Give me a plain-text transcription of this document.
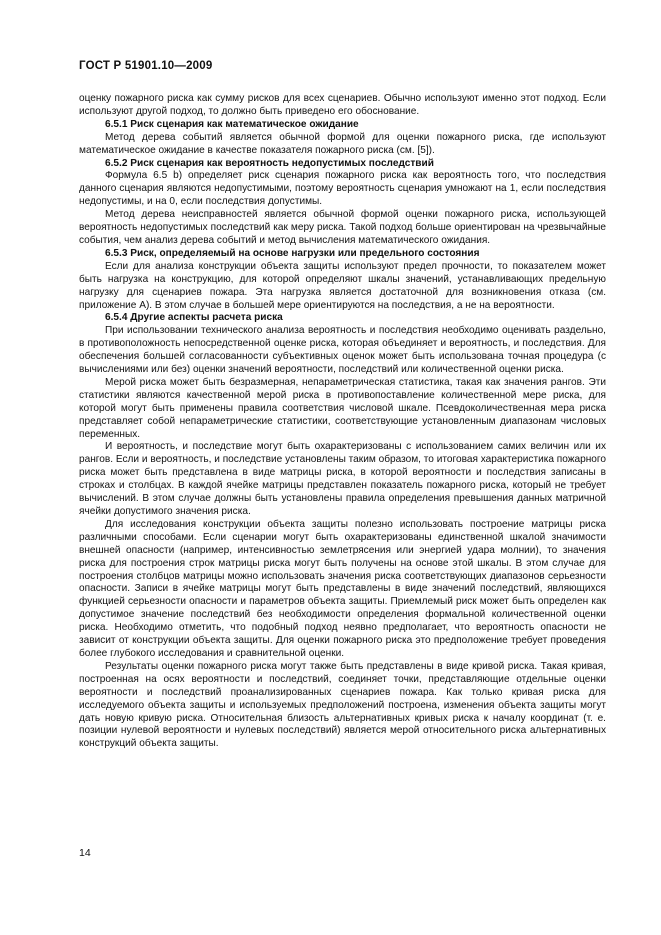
ГОСТ Р 51901.10—2009

оценку пожарного риска как сумму рисков для всех сценариев. Обычно используют именно этот подход. Если используют другой подход, то должно быть приведено его обоснование.

6.5.1 Риск сценария как математическое ожидание

Метод дерева событий является обычной формой для оценки пожарного риска, где используют математическое ожидание в качестве показателя пожарного риска (см. [5]).

6.5.2 Риск сценария как вероятность недопустимых последствий

Формула 6.5 b) определяет риск сценария пожарного риска как вероятность того, что последствия данного сценария являются недопустимыми, поэтому вероятность сценария умножают на 1, если последствия недопустимы, и на 0, если последствия допустимы.

Метод дерева неисправностей является обычной формой оценки пожарного риска, использующей вероятность недопустимых последствий как меру риска. Такой подход больше ориентирован на чрезвычайные события, чем анализ дерева событий и метод вычисления математического ожидания.

6.5.3 Риск, определяемый на основе нагрузки или предельного состояния

Если для анализа конструкции объекта защиты используют предел прочности, то показателем может быть нагрузка на конструкцию, для которой определяют шкалы значений, устанавливающих предельную нагрузку для сценариев пожара. Эта нагрузка является достаточной для возникновения отказа (см. приложение А). В этом случае в большей мере ориентируются на последствия, а не на вероятности.

6.5.4 Другие аспекты расчета риска

При использовании технического анализа вероятность и последствия необходимо оценивать раздельно, в противоположность непосредственной оценке риска, которая объединяет и вероятность, и последствия. Для обеспечения большей согласованности субъективных оценок может быть использована точная процедура (с вычислениями или без) оценки значений вероятности, последствий или количественной оценки риска.

Мерой риска может быть безразмерная, непараметрическая статистика, такая как значения рангов. Эти статистики являются качественной мерой риска в противопоставление количественной мере риска, для которой могут быть применены правила соответствия числовой шкале. Псевдоколичественная мера риска представляет собой непараметрические статистики, соответствующие установленным диапазонам числовых переменных.

И вероятность, и последствие могут быть охарактеризованы с использованием самих величин или их рангов. Если и вероятность, и последствие установлены таким образом, то итоговая характеристика пожарного риска может быть представлена в виде матрицы риска, в которой вероятности и последствия записаны в строках и столбцах. В каждой ячейке матрицы представлен показатель пожарного риска, который не требует вычислений. В этом случае должны быть установлены правила определения превышения данных матричной ячейки допустимого значения риска.

Для исследования конструкции объекта защиты полезно использовать построение матрицы риска различными способами. Если сценарии могут быть охарактеризованы единственной шкалой значимости внешней опасности (например, интенсивностью землетрясения или энергией удара молнии), то значения риска для построения строк матрицы риска могут быть получены на основе этой шкалы. В этом случае для построения столбцов матрицы можно использовать значения риска соответствующих диапазонов серьезности опасности. Записи в ячейке матрицы могут быть представлены в виде значений последствий, являющихся функцией серьезности опасности и параметров объекта защиты. Приемлемый риск может быть определен как допустимое значение последствий без необходимости определения формальной количественной оценки риска. Необходимо отметить, что подобный подход неявно предполагает, что вероятность опасности не зависит от конструкции объекта защиты. Для оценки пожарного риска это предположение требует проведения более глубокого исследования и сравнительной оценки.

Результаты оценки пожарного риска могут также быть представлены в виде кривой риска. Такая кривая, построенная на осях вероятности и последствий, соединяет точки, представляющие отдельные оценки вероятности и последствий проанализированных сценариев пожара. Как только кривая риска для исследуемого объекта защиты и используемых предположений построена, изменения объекта защиты могут дать новую кривую риска. Относительная близость альтернативных кривых риска к началу координат (т. е. позиции нулевой вероятности и нулевых последствий) является мерой относительного риска альтернативных конструкций объекта защиты.

14
